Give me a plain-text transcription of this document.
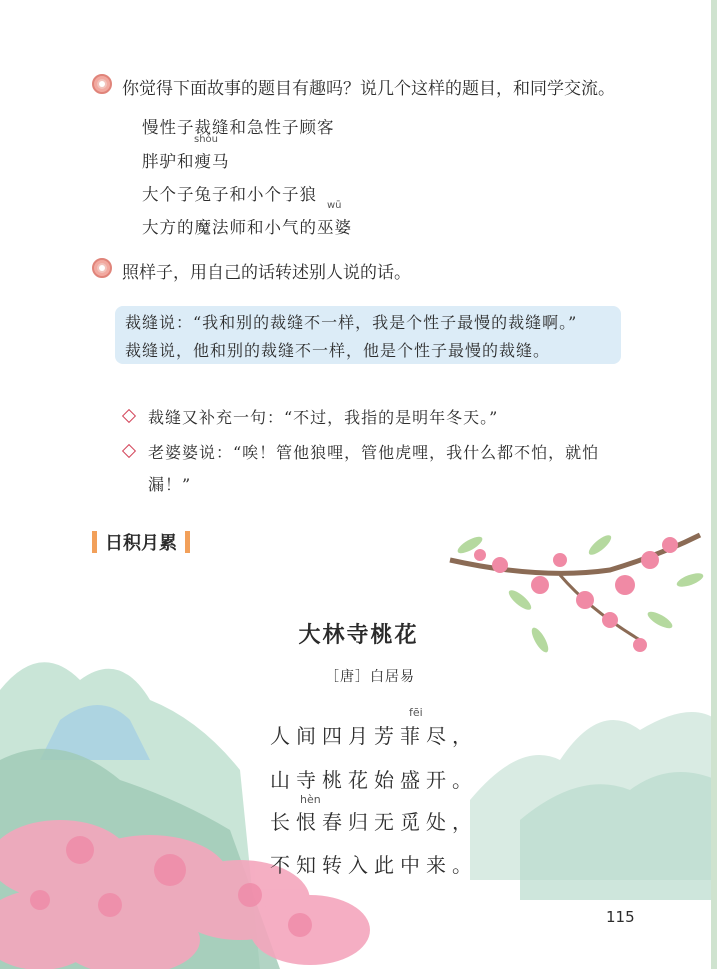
你觉得下面故事的题目有趣吗？说几个这样的题目，和同学交流。
慢性子裁缝和急性子顾客
shòu
胖驴和瘦马
大个子兔子和小个子狼
wū
大方的魔法师和小气的巫婆
照样子，用自己的话转述别人说的话。
裁缝说：“我和别的裁缝不一样，我是个性子最慢的裁缝啊。”
裁缝说，他和别的裁缝不一样，他是个性子最慢的裁缝。
裁缝又补充一句：“不过，我指的是明年冬天。”
老婆婆说：“唉！管他狼哩，管他虎哩，我什么都不怕，就怕
漏！”
日积月累
大林寺桃花
［唐］白居易
fēi
人间四月芳菲尽，
山寺桃花始盛开。
hèn
长恨春归无觅处，
不知转入此中来。
115
